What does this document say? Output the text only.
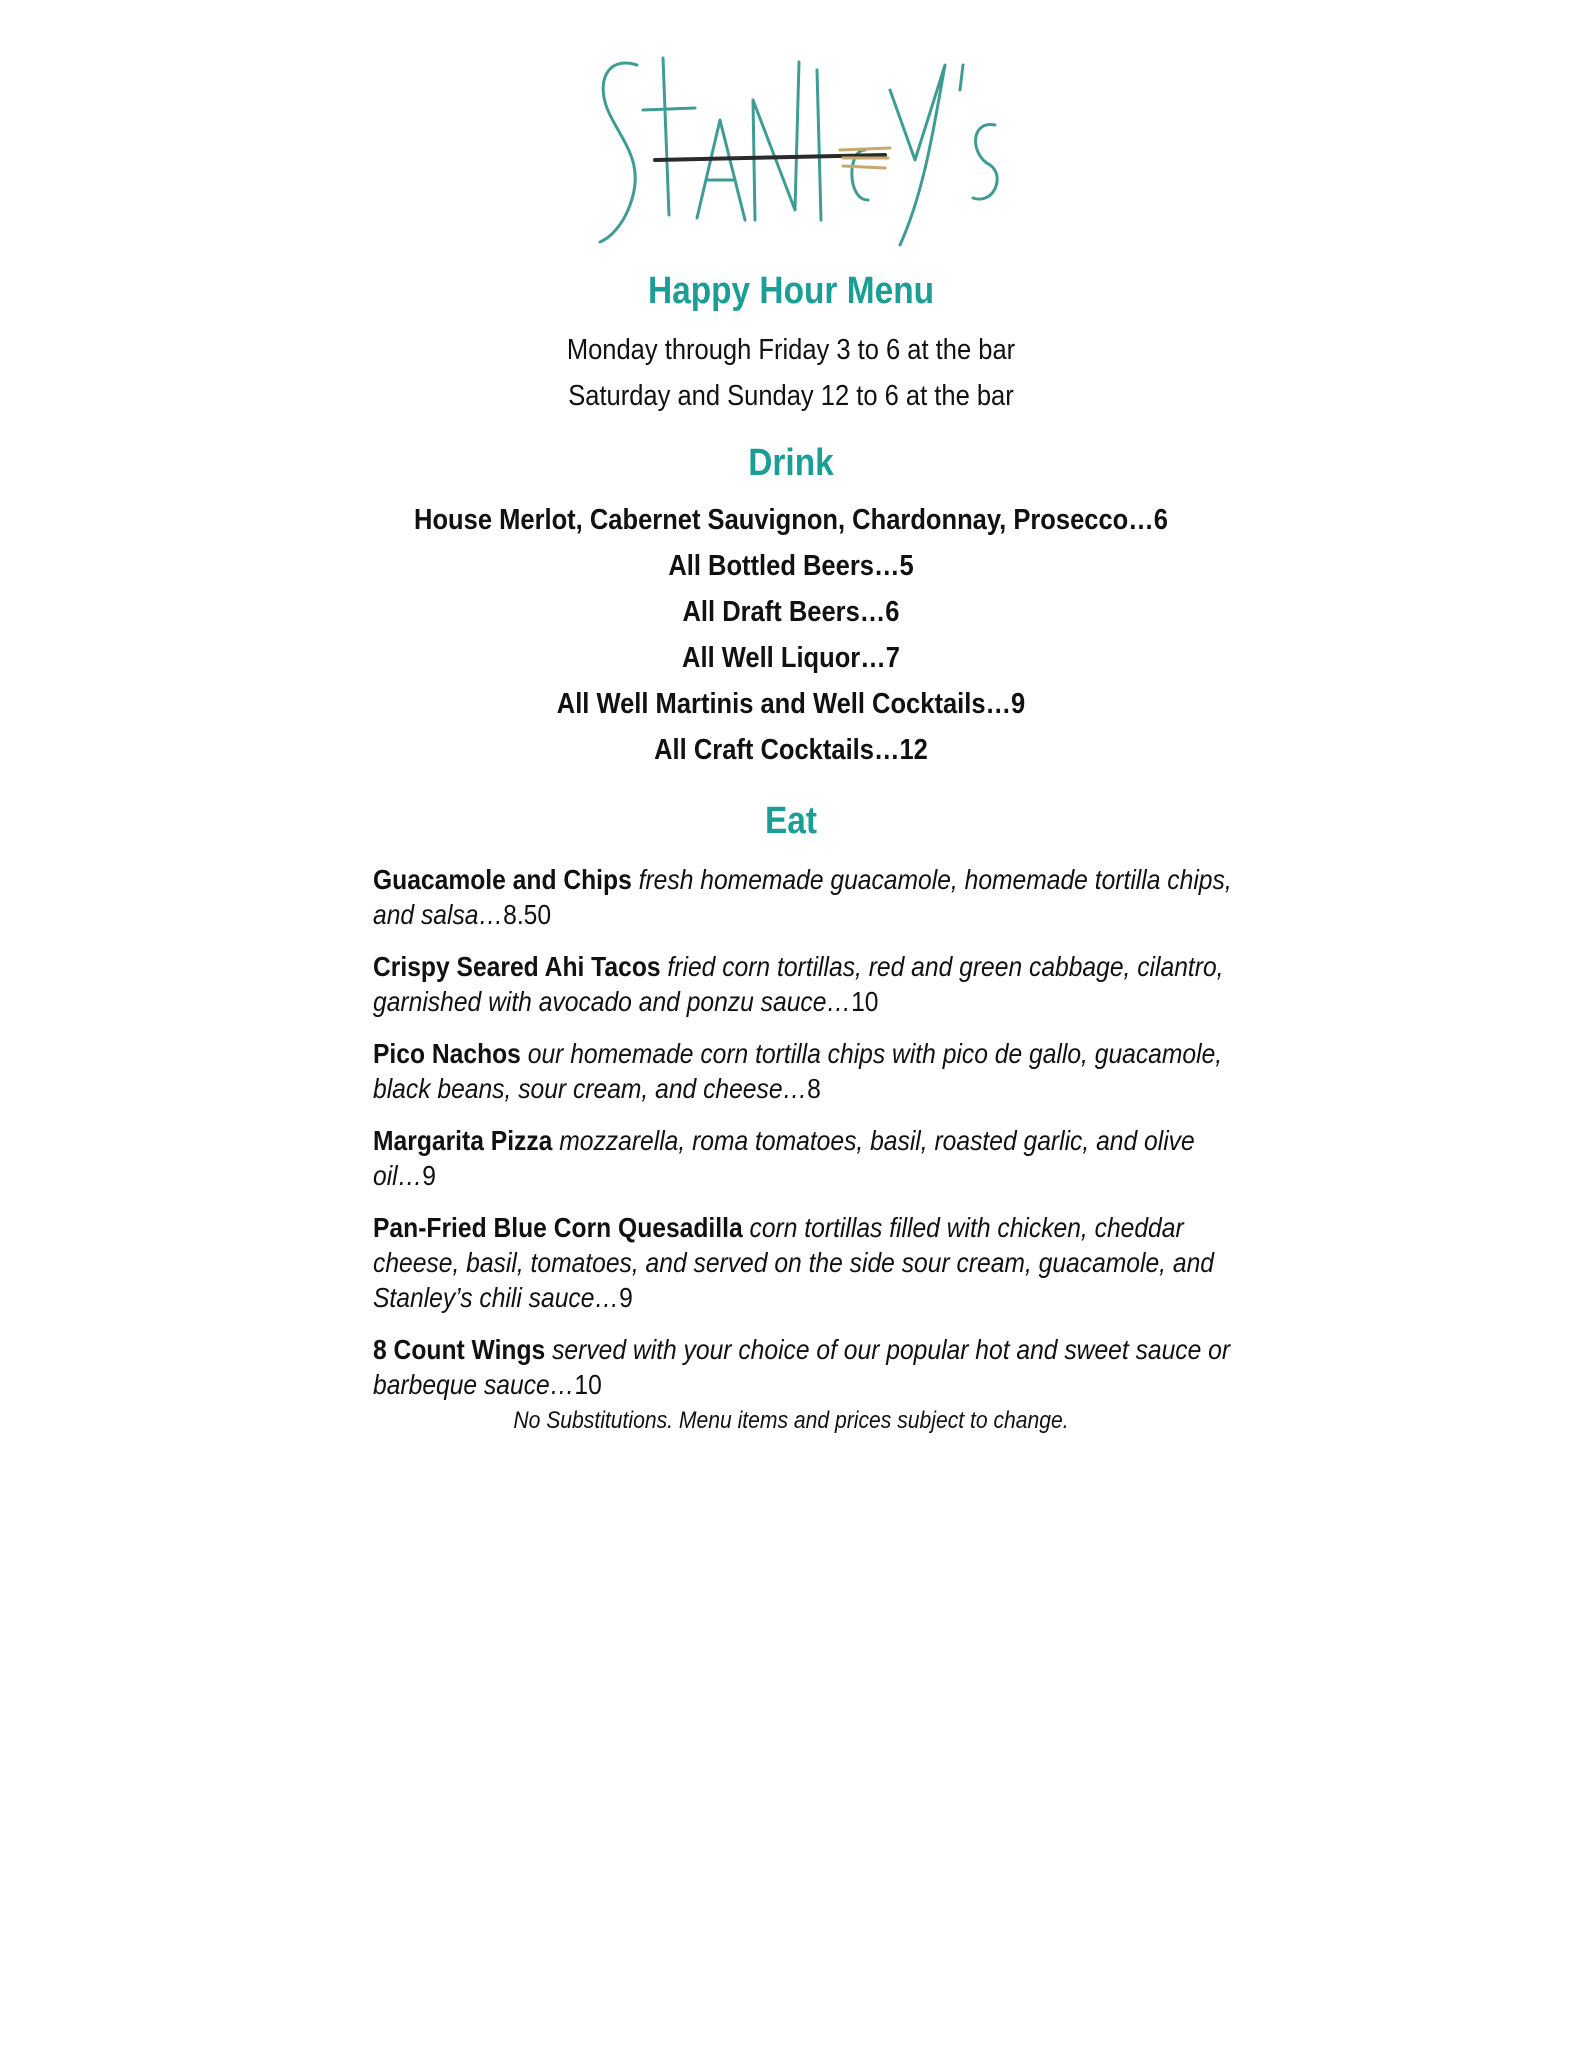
Happy Hour Menu
Monday through Friday 3 to 6 at the bar
Saturday and Sunday 12 to 6 at the bar
Drink
House Merlot, Cabernet Sauvignon, Chardonnay, Prosecco…6
All Bottled Beers…5
All Draft Beers…6
All Well Liquor…7
All Well Martinis and Well Cocktails…9
All Craft Cocktails…12
Eat
Guacamole and Chips fresh homemade guacamole, homemade tortilla chips, and salsa…8.50
Crispy Seared Ahi Tacos fried corn tortillas, red and green cabbage, cilantro, garnished with avocado and ponzu sauce…10
Pico Nachos our homemade corn tortilla chips with pico de gallo, guacamole, black beans, sour cream, and cheese…8
Margarita Pizza mozzarella, roma tomatoes, basil, roasted garlic, and olive oil…9
Pan-Fried Blue Corn Quesadilla corn tortillas filled with chicken, cheddar cheese, basil, tomatoes, and served on the side sour cream, guacamole, and Stanley’s chili sauce…9
8 Count Wings served with your choice of our popular hot and sweet sauce or barbeque sauce…10
No Substitutions. Menu items and prices subject to change.
